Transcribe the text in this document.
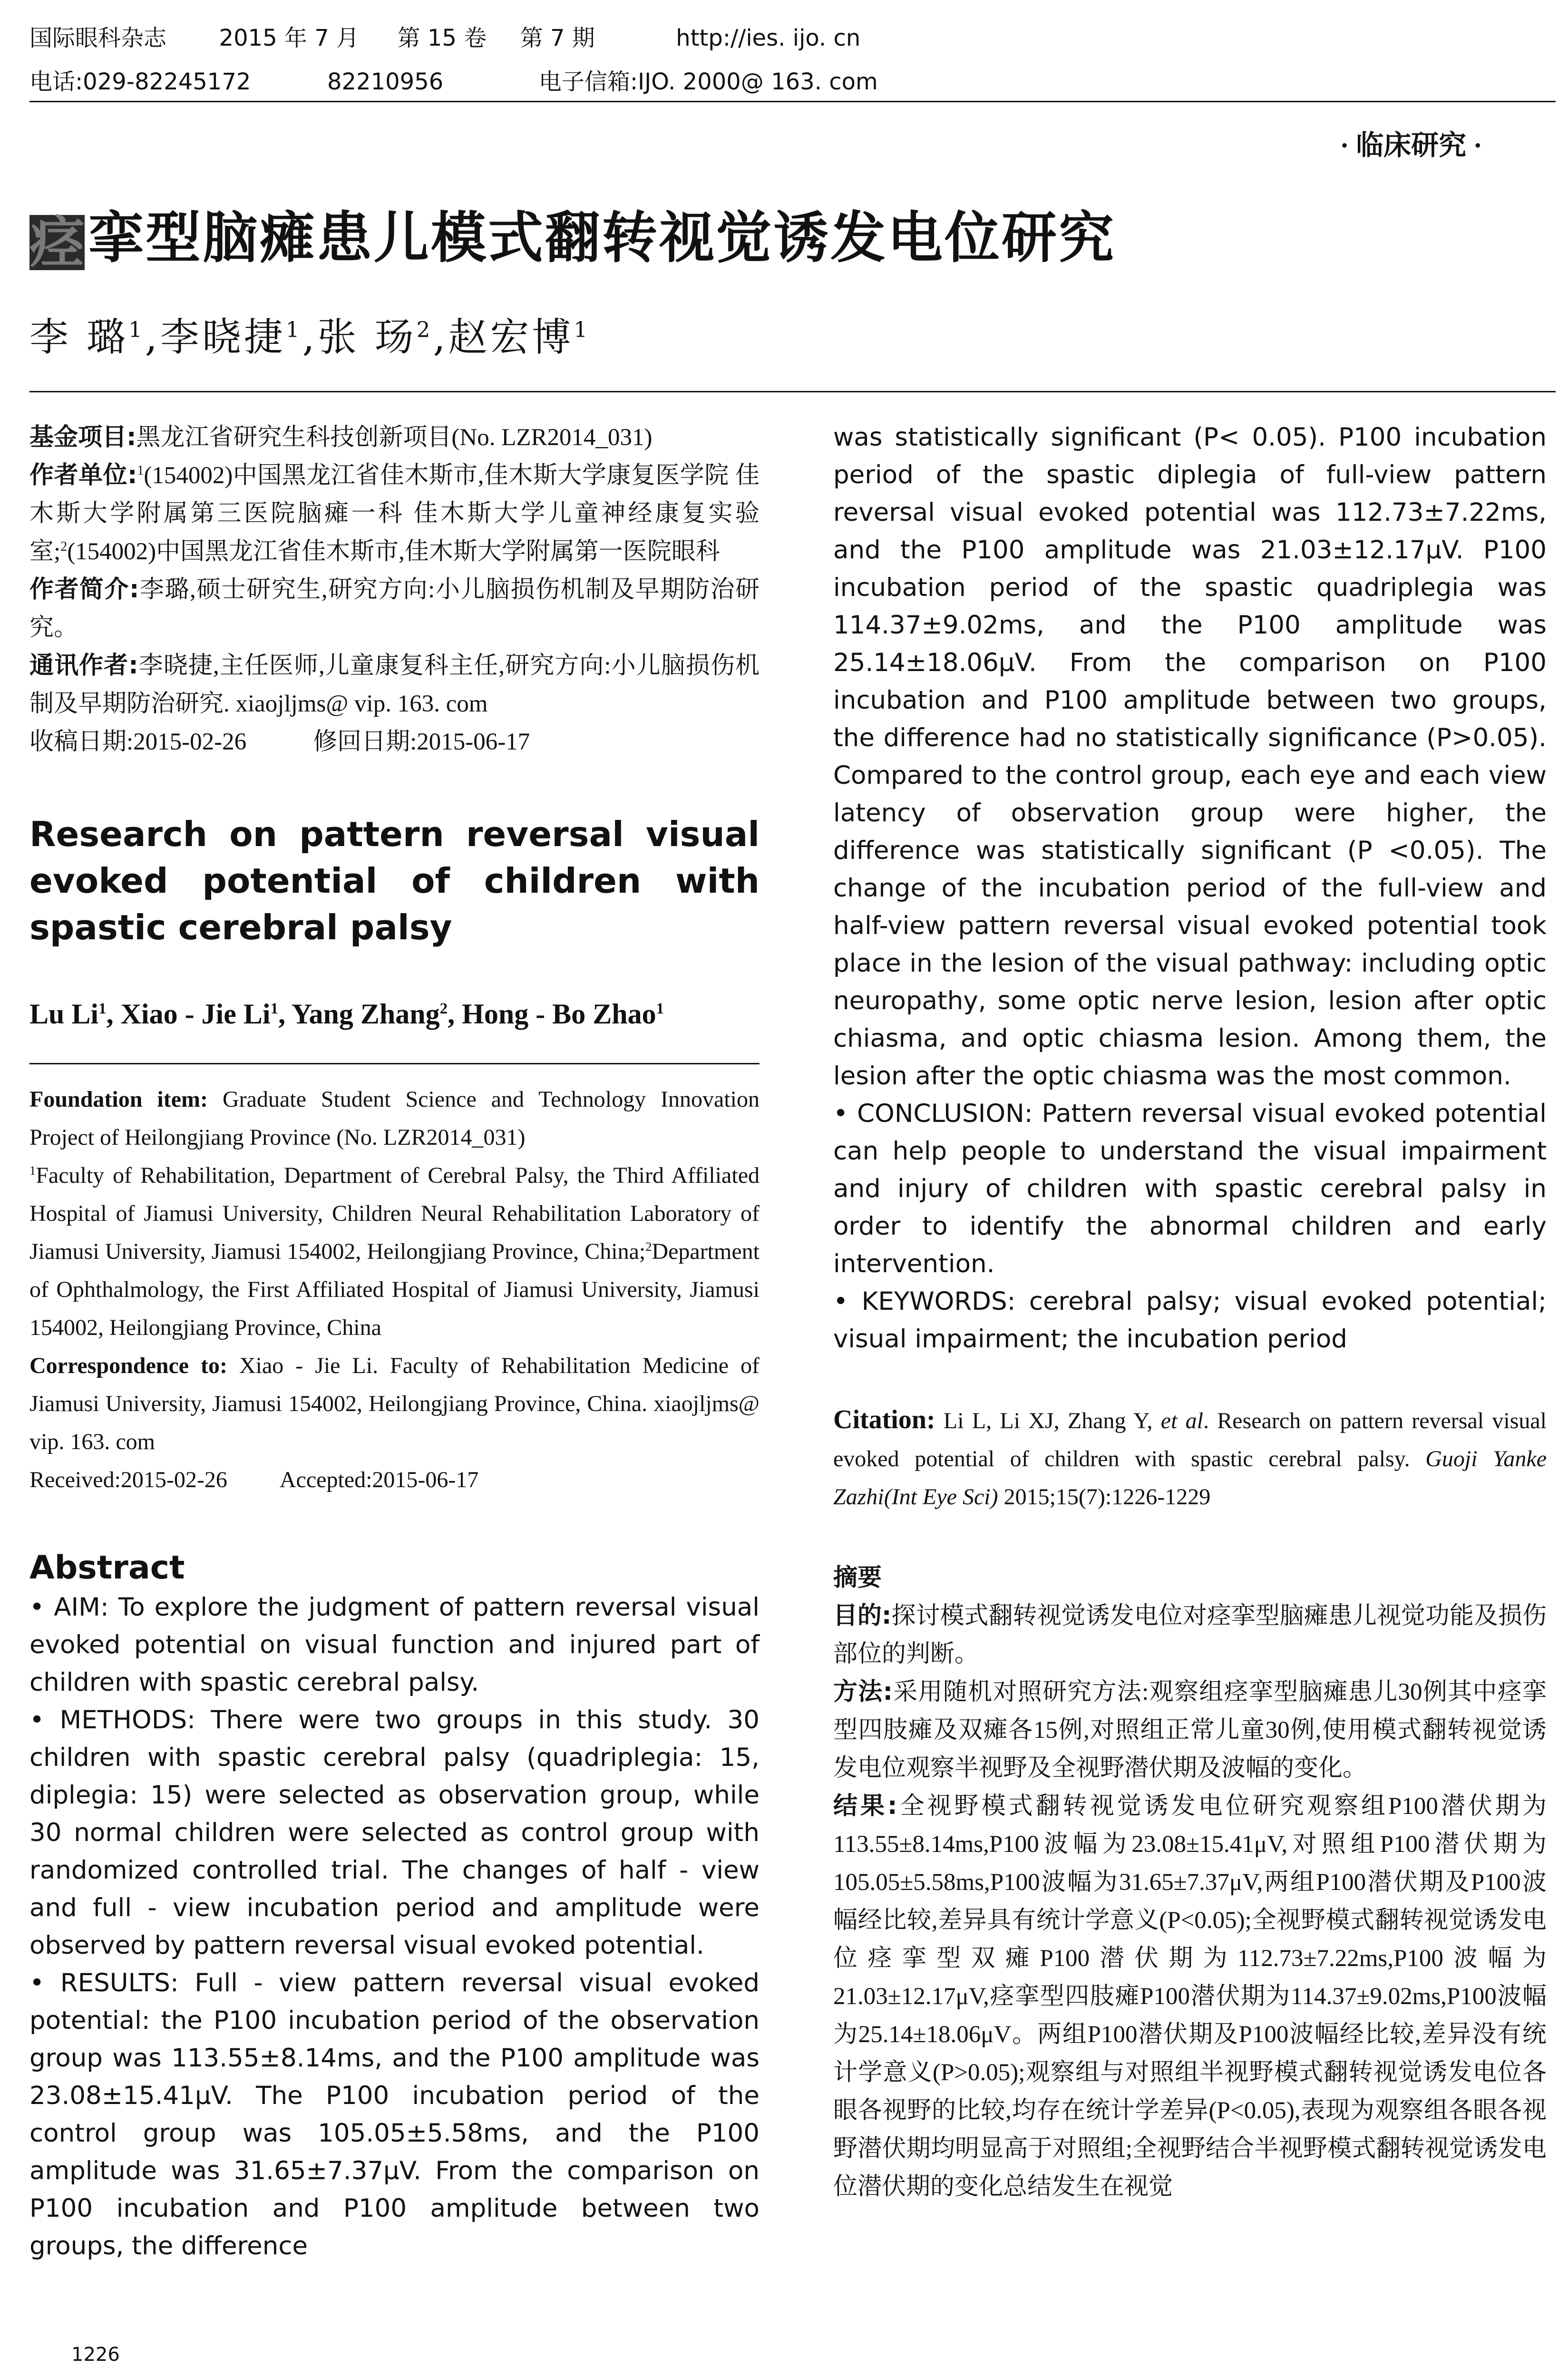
国际眼科杂志 2015 年 7 月 第 15 卷 第 7 期	http://ies. ijo. cn
电话:029-82245172	82210956	电子信箱:IJO. 2000@ 163. com
· 临床研究 ·
痉挛型脑瘫患儿模式翻转视觉诱发电位研究
李 璐$^1$,李晓捷$^1$,张 玚$^2$,赵宏博$^1$

基金项目:黑龙江省研究生科技创新项目(No. LZR2014_031)

作者单位:$^1$(154002)中国黑龙江省佳木斯市,佳木斯大学康复医学院 佳木斯大学附属第三医院脑瘫一科 佳木斯大学儿童神经康复实验室;$^2$(154002)中国黑龙江省佳木斯市,佳木斯大学附属第一医院眼科

作者简介:李璐,硕士研究生,研究方向:小儿脑损伤机制及早期防治研究。

通讯作者:李晓捷,主任医师,儿童康复科主任,研究方向:小儿脑损伤机制及早期防治研究. xiaojljms@ vip. 163. com

收稿日期:2015-02-26	修回日期:2015-06-17

Research on pattern reversal visual evoked potential of children with spastic cerebral palsy
Lu Li$^1$, Xiao - Jie Li$^1$, Yang Zhang$^2$, Hong - Bo Zhao$^1$

Foundation item: Graduate Student Science and Technology Innovation Project of Heilongjiang Province (No. LZR2014_031)

$^1$Faculty of Rehabilitation, Department of Cerebral Palsy, the Third Affiliated Hospital of Jiamusi University, Children Neural Rehabilitation Laboratory of Jiamusi University, Jiamusi 154002, Heilongjiang Province, China;$^2$Department of Ophthalmology, the First Affiliated Hospital of Jiamusi University, Jiamusi 154002, Heilongjiang Province, China

Correspondence to: Xiao - Jie Li. Faculty of Rehabilitation Medicine of Jiamusi University, Jiamusi 154002, Heilongjiang Province, China. xiaojljms@ vip. 163. com

Received:2015-02-26 Accepted:2015-06-17

Abstract

• AIM: To explore the judgment of pattern reversal visual evoked potential on visual function and injured part of children with spastic cerebral palsy.

• METHODS: There were two groups in this study. 30 children with spastic cerebral palsy (quadriplegia: 15, diplegia: 15) were selected as observation group, while 30 normal children were selected as control group with randomized controlled trial. The changes of half - view and full - view incubation period and amplitude were observed by pattern reversal visual evoked potential.

• RESULTS: Full - view pattern reversal visual evoked potential: the P100 incubation period of the observation group was 113.55±8.14ms, and the P100 amplitude was 23.08±15.41μV. The P100 incubation period of the control group was 105.05±5.58ms, and the P100 amplitude was 31.65±7.37μV. From the comparison on P100 incubation and P100 amplitude between two groups, the difference

1226

was statistically significant (P< 0.05). P100 incubation period of the spastic diplegia of full-view pattern reversal visual evoked potential was 112.73±7.22ms, and the P100 amplitude was 21.03±12.17μV. P100 incubation period of the spastic quadriplegia was 114.37±9.02ms, and the P100 amplitude was 25.14±18.06μV. From the comparison on P100 incubation and P100 amplitude between two groups, the difference had no statistically significance (P>0.05). Compared to the control group, each eye and each view latency of observation group were higher, the difference was statistically significant (P <0.05). The change of the incubation period of the full-view and half-view pattern reversal visual evoked potential took place in the lesion of the visual pathway: including optic neuropathy, some optic nerve lesion, lesion after optic chiasma, and optic chiasma lesion. Among them, the lesion after the optic chiasma was the most common.

• CONCLUSION: Pattern reversal visual evoked potential can help people to understand the visual impairment and injury of children with spastic cerebral palsy in order to identify the abnormal children and early intervention.

• KEYWORDS: cerebral palsy; visual evoked potential; visual impairment; the incubation period

Citation: Li L, Li XJ, Zhang Y, et al. Research on pattern reversal visual evoked potential of children with spastic cerebral palsy. Guoji Yanke Zazhi(Int Eye Sci) 2015;15(7):1226-1229

摘要

目的:探讨模式翻转视觉诱发电位对痉挛型脑瘫患儿视觉功能及损伤部位的判断。

方法:采用随机对照研究方法:观察组痉挛型脑瘫患儿30例其中痉挛型四肢瘫及双瘫各15例,对照组正常儿童30例,使用模式翻转视觉诱发电位观察半视野及全视野潜伏期及波幅的变化。

结果:全视野模式翻转视觉诱发电位研究观察组P100潜伏期为113.55±8.14ms,P100波幅为23.08±15.41μV,对照组P100潜伏期为105.05±5.58ms,P100波幅为31.65±7.37μV,两组P100潜伏期及P100波幅经比较,差异具有统计学意义(P<0.05);全视野模式翻转视觉诱发电位痉挛型双瘫P100潜伏期为112.73±7.22ms,P100波幅为21.03±12.17μV,痉挛型四肢瘫P100潜伏期为114.37±9.02ms,P100波幅为25.14±18.06μV。两组P100潜伏期及P100波幅经比较,差异没有统计学意义(P>0.05);观察组与对照组半视野模式翻转视觉诱发电位各眼各视野的比较,均存在统计学差异(P<0.05),表现为观察组各眼各视野潜伏期均明显高于对照组;全视野结合半视野模式翻转视觉诱发电位潜伏期的变化总结发生在视觉
